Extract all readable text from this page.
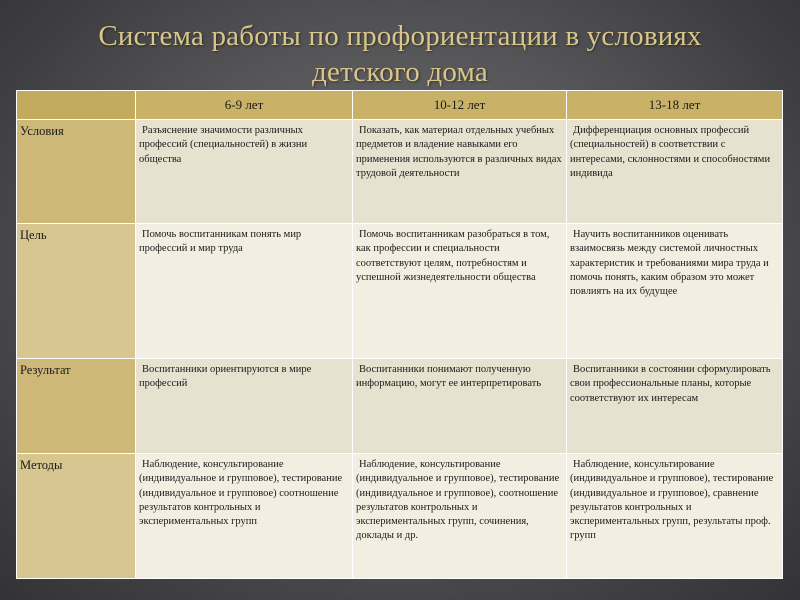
Система работы по профориентации в условиях
детского дома
	6-9 лет	10-12 лет	13-18 лет
Условия	Разъяснение значимости различных профессий (специальностей) в жизни общества	Показать, как материал отдельных учебных предметов и владение навыками его применения используются в различных видах трудовой деятельности	Дифференциация основных профессий (специальностей) в соответствии с интересами, склонностями и способностями индивида
Цель	Помочь воспитанникам понять мир профессий и мир труда	Помочь воспитанникам разобраться в том, как профессии и специальности соответствуют целям, потребностям и успешной жизнедеятельности общества	Научить воспитанников оценивать взаимосвязь между системой личностных характеристик и требованиями мира труда и помочь понять, каким образом это может повлиять на их будущее
Результат	Воспитанники ориентируются в мире профессий	Воспитанники понимают полученную информацию, могут ее интерпретировать	Воспитанники в состоянии сформулировать свои профессиональные планы, которые соответствуют их интересам
Методы	Наблюдение, консультирование (индивидуальное и групповое), тестирование (индивидуальное и групповое) соотношение результатов контрольных и экспериментальных групп	Наблюдение, консультирование (индивидуальное и групповое), тестирование (индивидуальное и групповое), соотношение результатов контрольных и экспериментальных групп, сочинения, доклады и др.	Наблюдение, консультирование (индивидуальное и групповое), тестирование (индивидуальное и групповое), сравнение результатов контрольных и экспериментальных групп, результаты проф. групп
